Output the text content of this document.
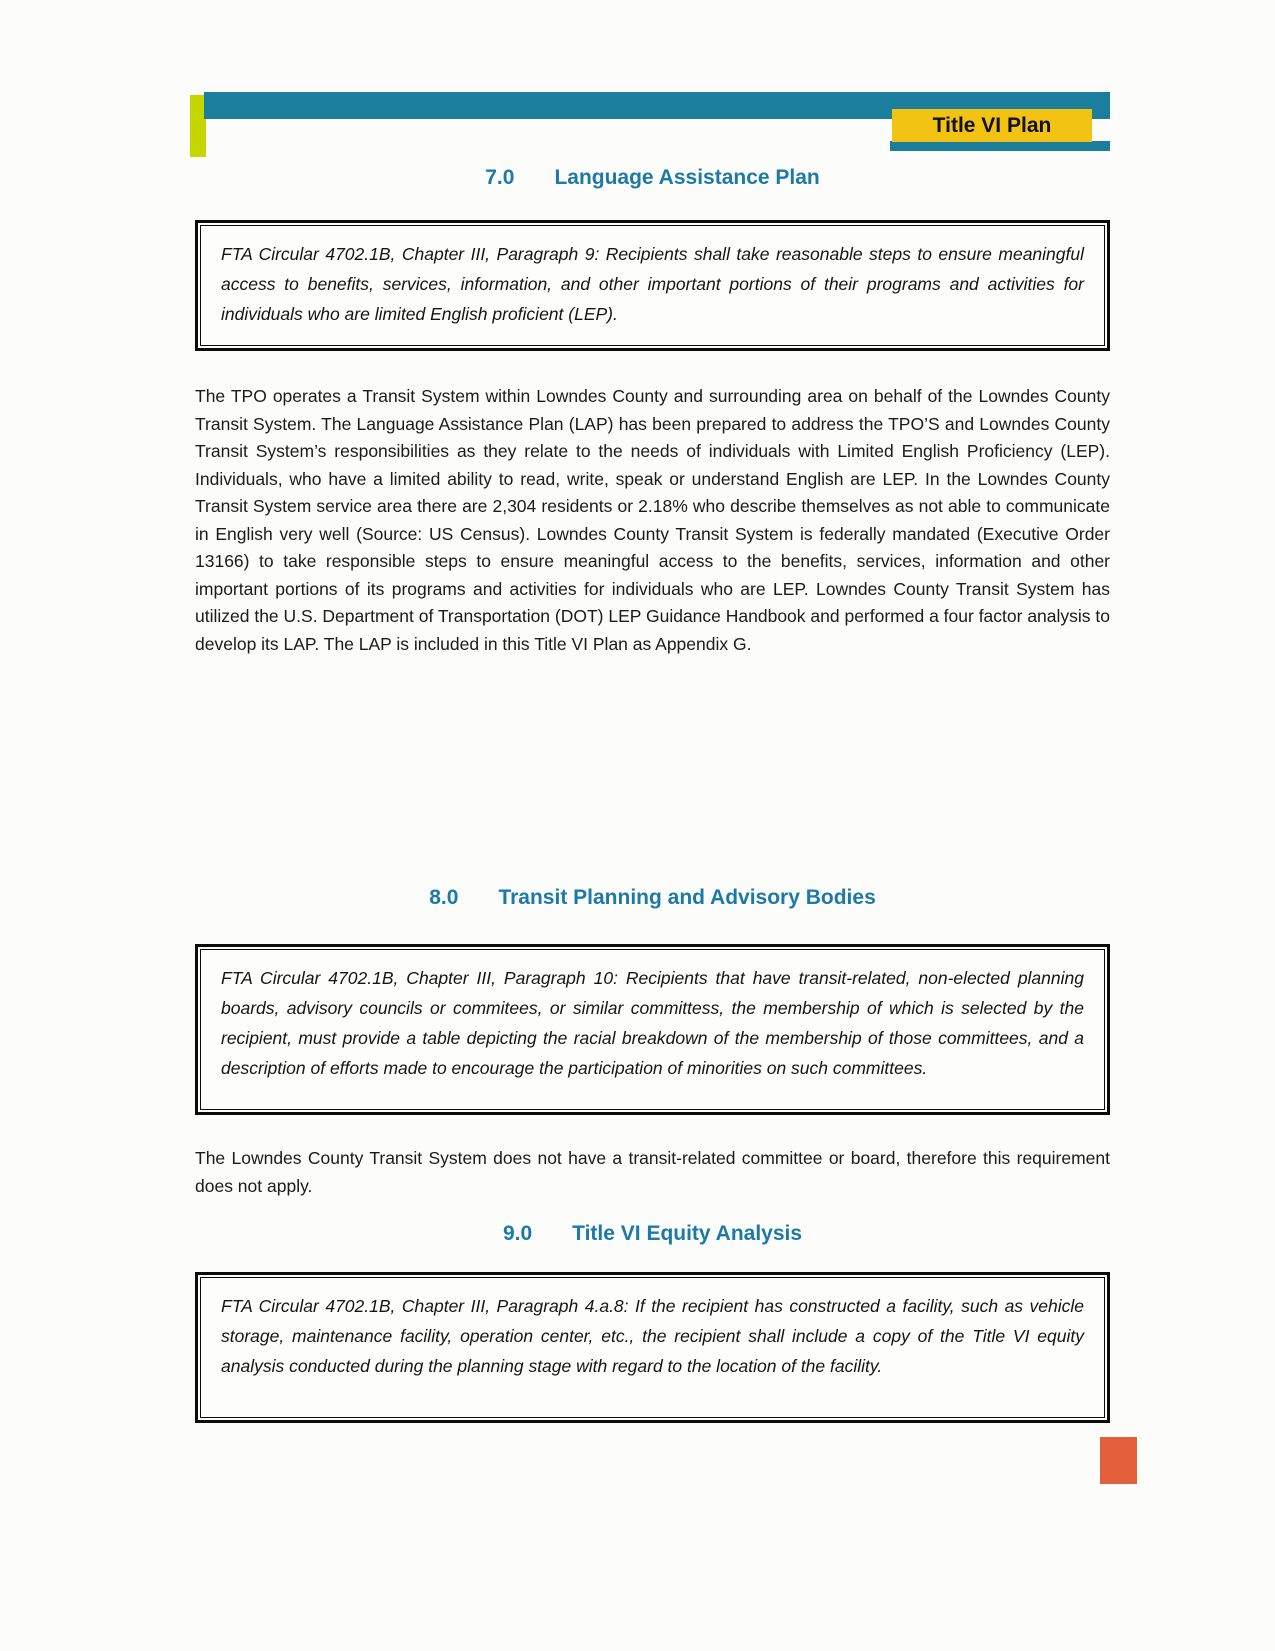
Title VI Plan
7.0 Language Assistance Plan

FTA Circular 4702.1B, Chapter III, Paragraph 9: Recipients shall take reasonable steps to ensure meaningful access to benefits, services, information, and other important portions of their programs and activities for individuals who are limited English proficient (LEP).

The TPO operates a Transit System within Lowndes County and surrounding area on behalf of the Lowndes County Transit System. The Language Assistance Plan (LAP) has been prepared to address the TPO’S and Lowndes County Transit System’s responsibilities as they relate to the needs of individuals with Limited English Proficiency (LEP). Individuals, who have a limited ability to read, write, speak or understand English are LEP. In the Lowndes County Transit System service area there are 2,304 residents or 2.18% who describe themselves as not able to communicate in English very well (Source: US Census). Lowndes County Transit System is federally mandated (Executive Order 13166) to take responsible steps to ensure meaningful access to the benefits, services, information and other important portions of its programs and activities for individuals who are LEP. Lowndes County Transit System has utilized the U.S. Department of Transportation (DOT) LEP Guidance Handbook and performed a four factor analysis to develop its LAP. The LAP is included in this Title VI Plan as Appendix G.

8.0 Transit Planning and Advisory Bodies

FTA Circular 4702.1B, Chapter III, Paragraph 10: Recipients that have transit-related, non-elected planning boards, advisory councils or commitees, or similar committess, the membership of which is selected by the recipient, must provide a table depicting the racial breakdown of the membership of those committees, and a description of efforts made to encourage the participation of minorities on such committees.

The Lowndes County Transit System does not have a transit-related committee or board, therefore this requirement does not apply.

9.0 Title VI Equity Analysis

FTA Circular 4702.1B, Chapter III, Paragraph 4.a.8: If the recipient has constructed a facility, such as vehicle storage, maintenance facility, operation center, etc., the recipient shall include a copy of the Title VI equity analysis conducted during the planning stage with regard to the location of the facility.
